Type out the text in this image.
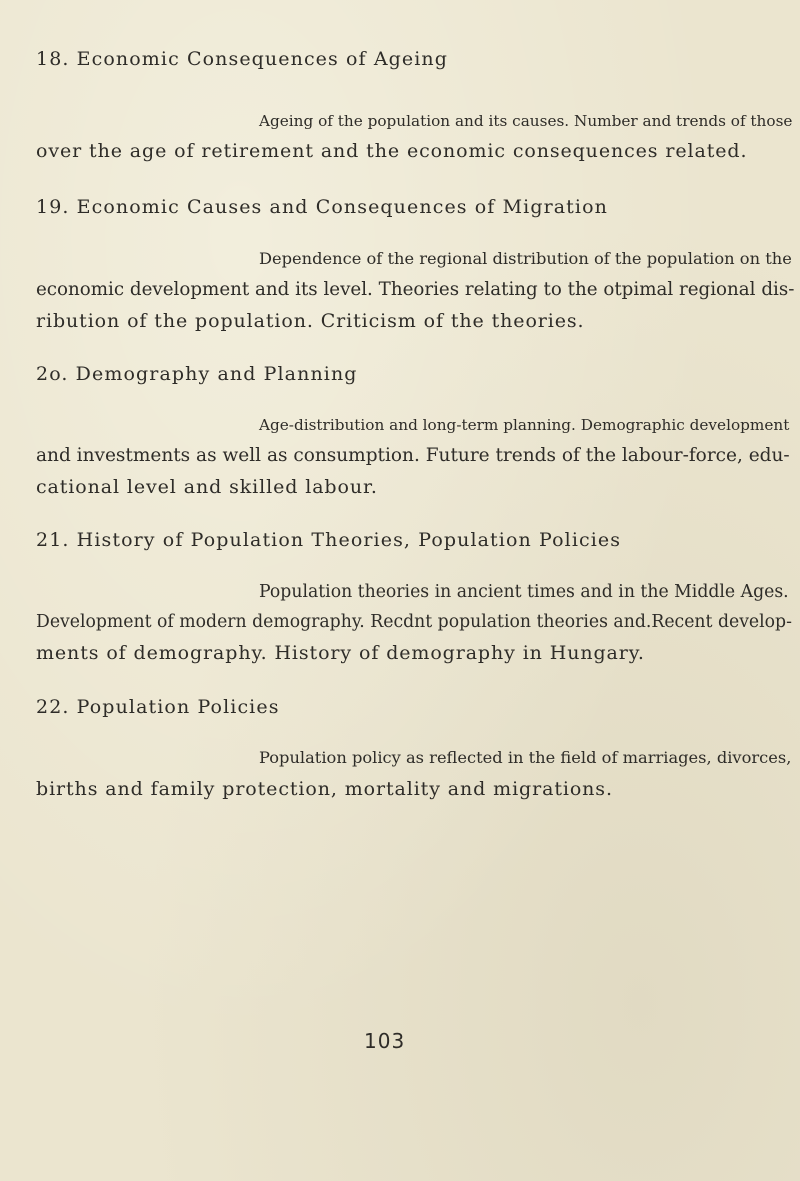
18. Economic Consequences of Ageing
Ageing of the population and its causes. Number and trends of those
over the age of retirement and the economic consequences related.
19. Economic Causes and Consequences of Migration
Dependence of the regional distribution of the population on the
economic development and its level. Theories relating to the otpimal regional dis-
ribution of the population. Criticism of the theories.
2o. Demography and Planning
Age-distribution and long-term planning. Demographic development
and investments as well as consumption. Future trends of the labour-force, edu-
cational level and skilled labour.
21. History of Population Theories, Population Policies
Population theories in ancient times and in the Middle Ages.
Development of modern demography. Recdnt population theories and.Recent develop-
ments of demography. History of demography in Hungary.
22. Population Policies
Population policy as reflected in the field of marriages, divorces,
births and family protection, mortality and migrations.
103
